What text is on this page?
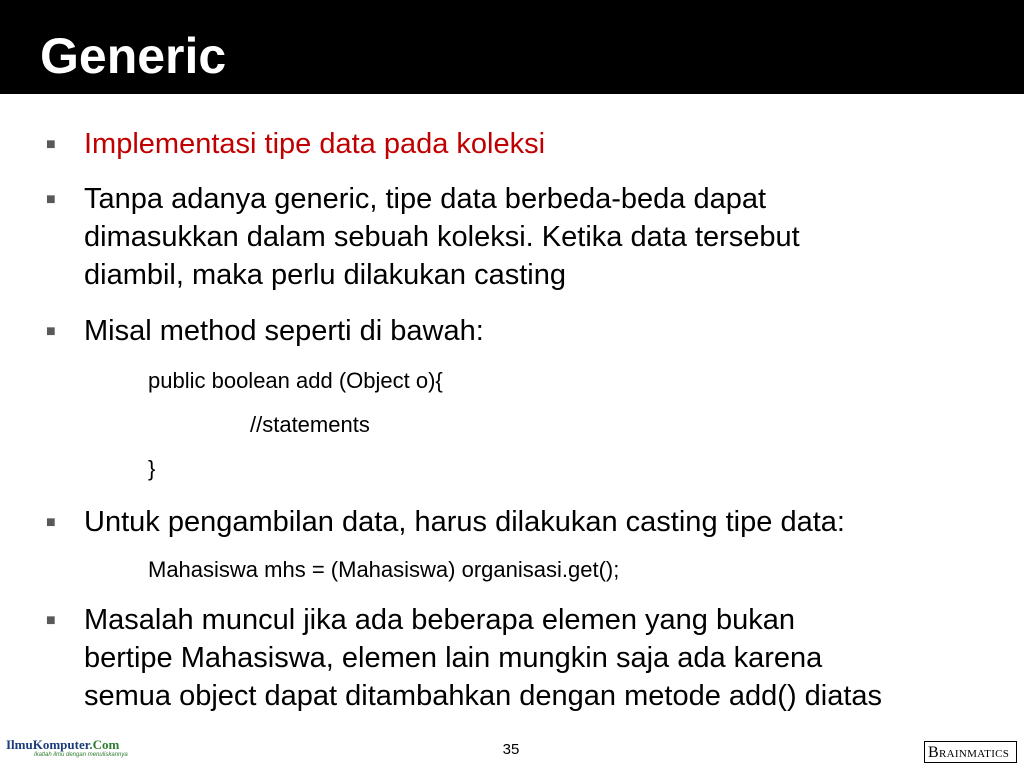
Generic
■ Implementasi tipe data pada koleksi
■ Tanpa adanya generic, tipe data berbeda-beda dapat
dimasukkan dalam sebuah koleksi. Ketika data tersebut
diambil, maka perlu dilakukan casting
■ Misal method seperti di bawah:
public boolean add (Object o){
//statements
}
■ Untuk pengambilan data, harus dilakukan casting tipe data:
Mahasiswa mhs = (Mahasiswa) organisasi.get();
■ Masalah muncul jika ada beberapa elemen yang bukan
bertipe Mahasiswa, elemen lain mungkin saja ada karena
semua object dapat ditambahkan dengan metode add() diatas
IlmuKomputer.Com
Ikatlah ilmu dengan menuliskannya	35	BRAINMATICS
